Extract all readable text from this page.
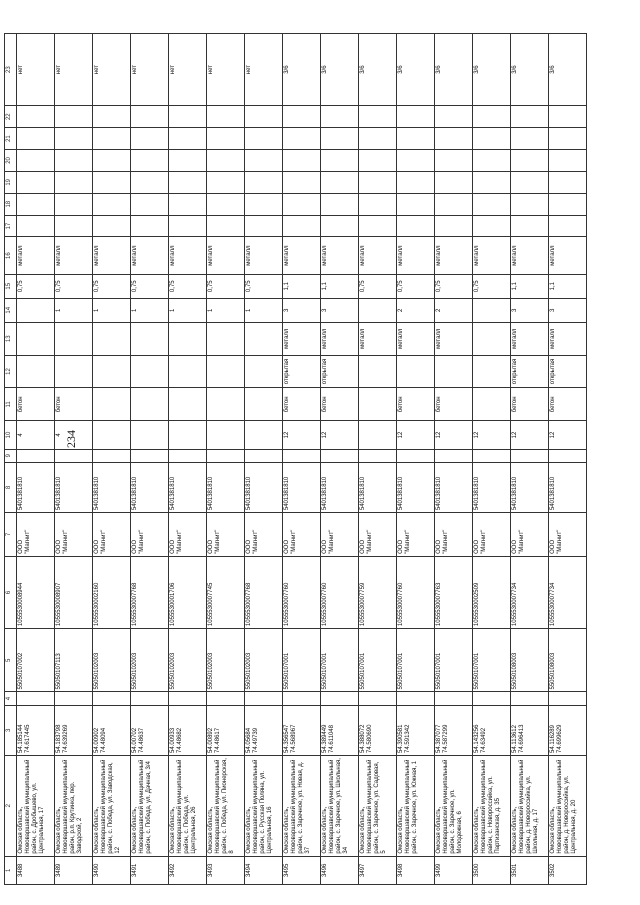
234
1	2	3	4	5	6	7	8	9	10	11	12	13	14	15	16	17	18	19	20	21	22	23
3488	Омская область, Нововаршавский муниципальный район, с. Дробышево, ул. Центральная, 17	54.185144 74.617445		55050107002	1055530008944	ООО "Магнит"	5401381810		4	бетон				0,75	металл							нет
3489	Омская область, Нововаршавский муниципальный район, р.п. Крутинка, пер. Заводской, 2	54.183798 74.639269		55050107113	1055530008907	ООО "Магнит"	5401381810		4	бетон			1	0,75	металл							нет
3490	Омская область, Нововаршавский муниципальный район, с. Победа, ул. Заводская, 12	54.00902 74.48094		55050102003	1055530002160	ООО "Магнит"	5401381810						1	0,75	металл							нет
3491	Омская область, Нововаршавский муниципальный район, с. Победа, ул. Дачная, 3/4	54.00702 74.48637		55050102003	1055530007768	ООО "Магнит"	5401381810						1	0,75	металл							нет
3492	Омская область, Нововаршавский муниципальный район, с. Победа, ул. Центральная, 26	54.00933 74.48682		55050102003	1055530001706	ООО "Магнит"	5401381810						1	0,75	металл							нет
3493	Омская область, Нововаршавский муниципальный район, с. Победа, ул. Пионерская, 8	54.00892 74.48617		55050102003	1055530007745	ООО "Магнит"	5401381810						1	0,75	металл							нет
3494	Омская область, Нововаршавский муниципальный район, с. Русская Поляна, ул. Центральная, 16	54.05684 74.49739		55050102003	1055530007768	ООО "Магнит"	5401381810						1	0,75	металл							нет
3495	Омская область, Нововаршавский муниципальный район, с. Заречное, ул. Новая, д. 37	54.356547 74.568967		55050107001	1055530007760	ООО "Магнит"	5401381810		12	бетон	открытая	металл	3	1,1	металл							3/6
3496	Омская область, Нововаршавский муниципальный район, с. Заречное, ул. Школьная, 34	54.389449 74.611048		55050107001	1055530007760	ООО "Магнит"	5401381810		12	бетон	открытая	металл	3	1,1	металл							3/6
3497	Омская область, Нововаршавский муниципальный район, с. Заречное, ул. Садовая, 5	54.388072 74.580690		55050107001	1055530007759	ООО "Магнит"	5401381810					металл		0,75	металл							3/6
3498	Омская область, Нововаршавский муниципальный район, с. Заречное, ул. Южная, 1	54.390581 74.591342		55050107001	1055530007760	ООО "Магнит"	5401381810		12	бетон		металл	2	0,75	металл							3/6
3499	Омская область, Нововаршавский муниципальный район, с. Заречное, ул. Молодежная, 6	54.387077 74.587299		55050107001	1055530007763	ООО "Магнит"	5401381810		12	бетон		металл	2	0,75	металл							3/6
3500	Омская область, Нововаршавский муниципальный район, с. Новороссийка, ул. Партизанская, д. 35	54.143256 74.63492		55050107001	1055530002509	ООО "Магнит"	5401381810		12					0,75	металл							3/6
3501	Омская область, Нововаршавский муниципальный район, д. Новороссийка, ул. Школьная, д. 17	54.113612 74.696413		55050108003	1055530007734	ООО "Магнит"	5401381810		12	бетон	открытая	металл	3	1,1	металл							3/6
3502	Омская область, Нововаршавский муниципальный район, д. Новороссийка, ул. Центральная, д. 20	54.116289 74.699629		55050108003	1055530007734	ООО "Магнит"	5401381810		12	бетон	открытая	металл	3	1,1	металл							3/6
